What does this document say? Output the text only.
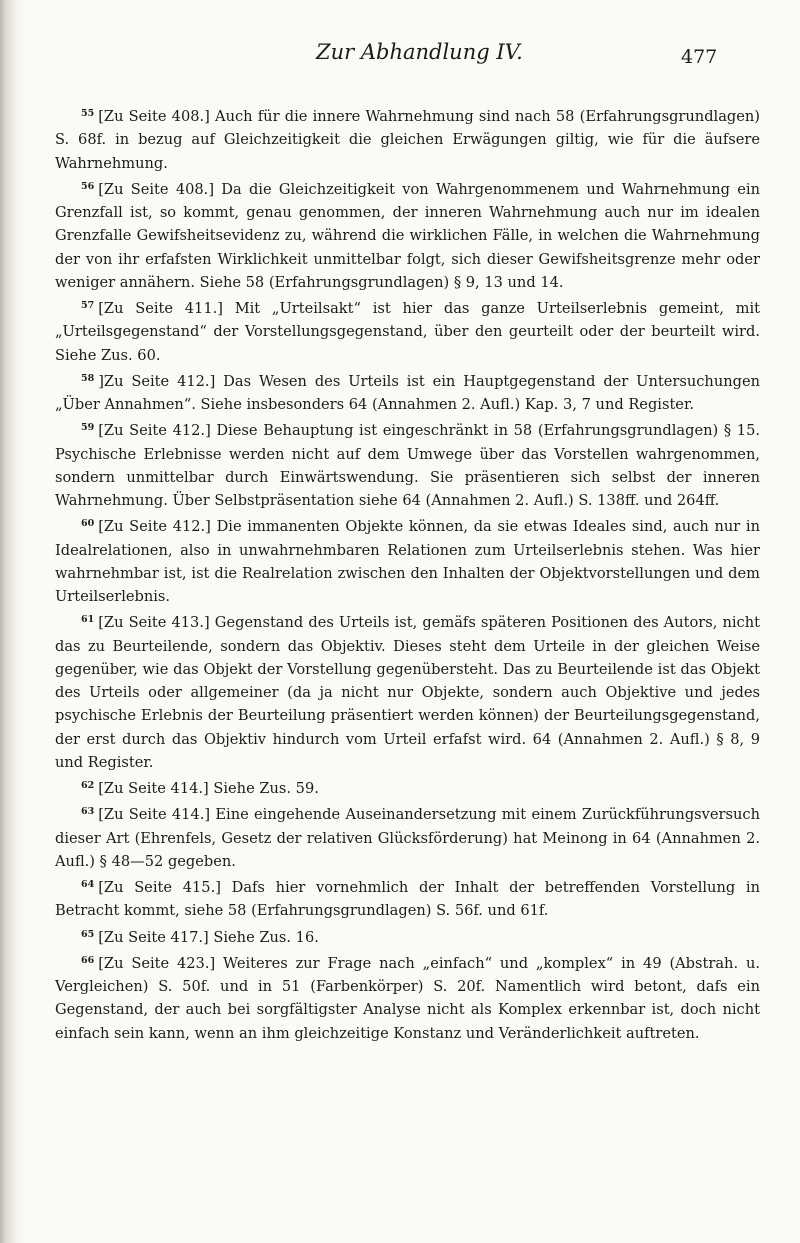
Zur Abhandlung IV.	477

$^{55}$ [Zu Seite 408.] Auch für die innere Wahrnehmung sind nach 58 (Erfahrungsgrundlagen) S. 68f. in bezug auf Gleichzeitigkeit die gleichen Erwägungen giltig, wie für die äufsere Wahrnehmung.

$^{56}$ [Zu Seite 408.] Da die Gleichzeitigkeit von Wahrgenommenem und Wahrnehmung ein Grenzfall ist, so kommt, genau genommen, der inneren Wahrnehmung auch nur im idealen Grenzfalle Gewifsheitsevidenz zu, während die wirklichen Fälle, in welchen die Wahrnehmung der von ihr erfafsten Wirklichkeit unmittelbar folgt, sich dieser Gewifsheitsgrenze mehr oder weniger annähern. Siehe 58 (Erfahrungsgrundlagen) § 9, 13 und 14.

$^{57}$ [Zu Seite 411.] Mit „Urteilsakt“ ist hier das ganze Urteilserlebnis gemeint, mit „Urteilsgegenstand“ der Vorstellungsgegenstand, über den geurteilt oder der beurteilt wird. Siehe Zus. 60.

$^{58}$ ]Zu Seite 412.] Das Wesen des Urteils ist ein Hauptgegenstand der Untersuchungen „Über Annahmen“. Siehe insbesonders 64 (Annahmen 2. Aufl.) Kap. 3, 7 und Register.

$^{59}$ [Zu Seite 412.] Diese Behauptung ist eingeschränkt in 58 (Erfahrungsgrundlagen) § 15. Psychische Erlebnisse werden nicht auf dem Umwege über das Vorstellen wahrgenommen, sondern unmittelbar durch Einwärtswendung. Sie präsentieren sich selbst der inneren Wahrnehmung. Über Selbstpräsentation siehe 64 (Annahmen 2. Aufl.) S. 138ff. und 264ff.

$^{60}$ [Zu Seite 412.] Die immanenten Objekte können, da sie etwas Ideales sind, auch nur in Idealrelationen, also in unwahrnehmbaren Relationen zum Urteilserlebnis stehen. Was hier wahrnehmbar ist, ist die Realrelation zwischen den Inhalten der Objektvorstellungen und dem Urteilserlebnis.

$^{61}$ [Zu Seite 413.] Gegenstand des Urteils ist, gemäfs späteren Positionen des Autors, nicht das zu Beurteilende, sondern das Objektiv. Dieses steht dem Urteile in der gleichen Weise gegenüber, wie das Objekt der Vorstellung gegenübersteht. Das zu Beurteilende ist das Objekt des Urteils oder allgemeiner (da ja nicht nur Objekte, sondern auch Objektive und jedes psychische Erlebnis der Beurteilung präsentiert werden können) der Beurteilungsgegenstand, der erst durch das Objektiv hindurch vom Urteil erfafst wird. 64 (Annahmen 2. Aufl.) § 8, 9 und Register.

$^{62}$ [Zu Seite 414.] Siehe Zus. 59.

$^{63}$ [Zu Seite 414.] Eine eingehende Auseinandersetzung mit einem Zurückführungsversuch dieser Art (Ehrenfels, Gesetz der relativen Glücksförderung) hat Meinong in 64 (Annahmen 2. Aufl.) § 48—52 gegeben.

$^{64}$ [Zu Seite 415.] Dafs hier vornehmlich der Inhalt der betreffenden Vorstellung in Betracht kommt, siehe 58 (Erfahrungsgrundlagen) S. 56f. und 61f.

$^{65}$ [Zu Seite 417.] Siehe Zus. 16.

$^{66}$ [Zu Seite 423.] Weiteres zur Frage nach „einfach“ und „komplex“ in 49 (Abstrah. u. Vergleichen) S. 50f. und in 51 (Farbenkörper) S. 20f. Namentlich wird betont, dafs ein Gegenstand, der auch bei sorgfältigster Analyse nicht als Komplex erkennbar ist, doch nicht einfach sein kann, wenn an ihm gleichzeitige Konstanz und Veränderlichkeit auftreten.
